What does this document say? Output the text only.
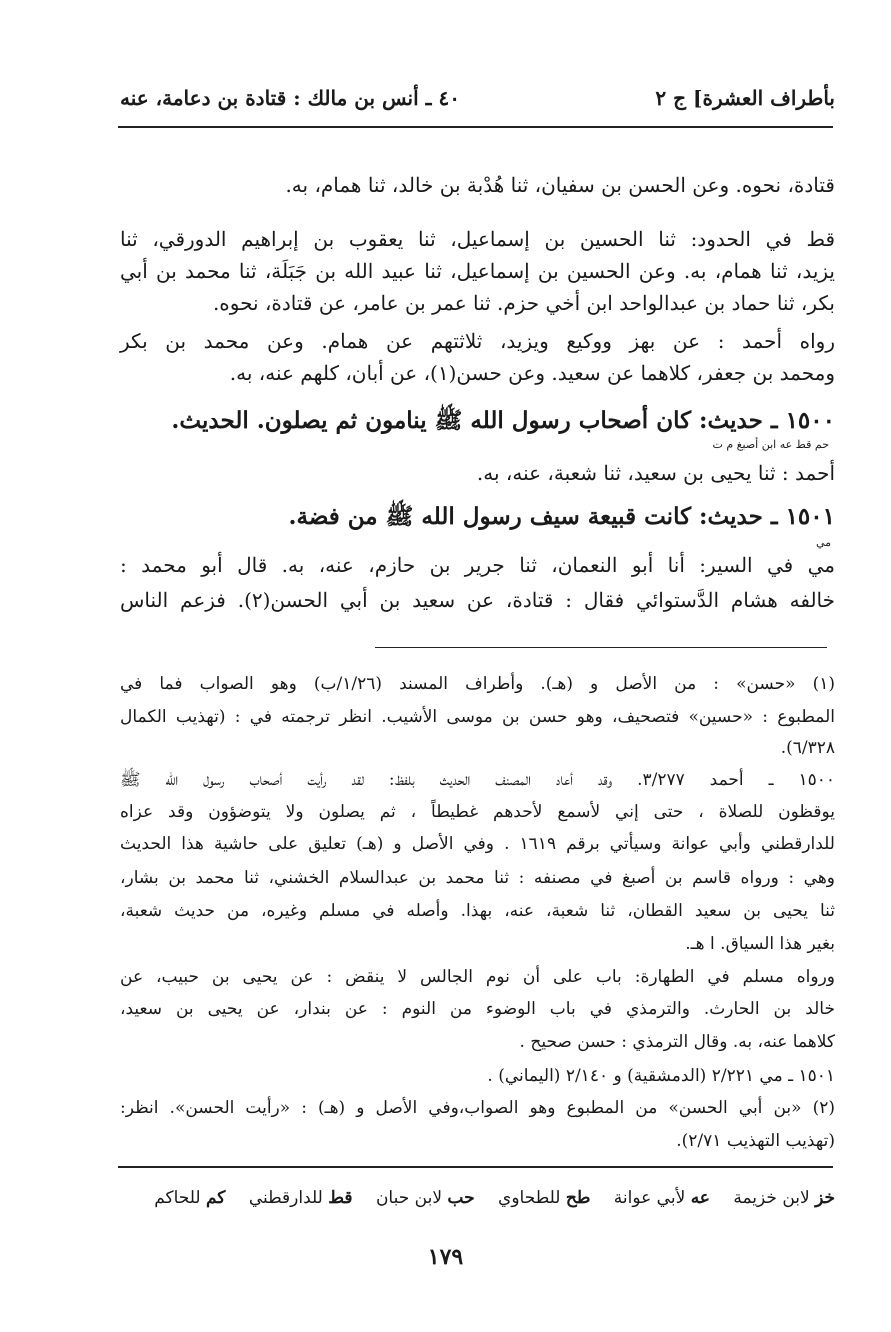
بأطراف العشرة] ج ٢
٤٠ ـ أنس بن مالك : قتادة بن دعامة، عنه
قتادة، نحوه. وعن الحسن بن سفيان، ثنا هُدْبة بن خالد، ثنا همام، به.
قط في الحدود: ثنا الحسين بن إسماعيل، ثنا يعقوب بن إبراهيم الدورقي، ثنا
يزيد، ثنا همام، به. وعن الحسين بن إسماعيل، ثنا عبيد الله بن جَبَلَة، ثنا محمد بن أبي
بكر، ثنا حماد بن عبدالواحد ابن أخي حزم. ثنا عمر بن عامر، عن قتادة، نحوه.
رواه أحمد : عن بهز ووكيع ويزيد، ثلاثتهم عن همام. وعن محمد بن بكر
ومحمد بن جعفر، كلاهما عن سعيد. وعن حسن(١)، عن أبان، كلهم عنه، به.
١٥٠٠ ـ حديث: كان أصحاب رسول الله ﷺ ينامون ثم يصلون. الحديث.
حم قط عه ابن أصبغ م ت
أحمد : ثنا يحيى بن سعيد، ثنا شعبة، عنه، به.
١٥٠١ ـ حديث: كانت قبيعة سيف رسول الله ﷺ من فضة.
مي
مي في السير: أنا أبو النعمان، ثنا جرير بن حازم، عنه، به. قال أبو محمد :
خالفه هشام الدَّستوائي فقال : قتادة، عن سعيد بن أبي الحسن(٢). فزعم الناس
(١) «حسن» : من الأصل و (هـ). وأطراف المسند (١/٢٦/ب) وهو الصواب فما في
المطبوع : «حسين» فتصحيف، وهو حسن بن موسى الأشيب. انظر ترجمته في : (تهذيب الكمال
٦/٣٢٨).
١٥٠٠ ـ أحمد ٣/٢٧٧. وقد أعاد المصنف الحديث بلفظ: لقد رأيت أصحاب رسول الله ﷺ
يوقظون للصلاة ، حتى إني لأسمع لأحدهم غطيطاً ، ثم يصلون ولا يتوضؤون وقد عزاه
للدارقطني وأبي عوانة وسيأتي برقم ١٦١٩ . وفي الأصل و (هـ) تعليق على حاشية هذا الحديث
وهي : ورواه قاسم بن أصبغ في مصنفه : ثنا محمد بن عبدالسلام الخشني، ثنا محمد بن بشار،
ثنا يحيى بن سعيد القطان، ثنا شعبة، عنه، بهذا. وأصله في مسلم وغيره، من حديث شعبة،
بغير هذا السياق. ا هـ.
ورواه مسلم في الطهارة: باب على أن نوم الجالس لا ينقض : عن يحيى بن حبيب، عن
خالد بن الحارث. والترمذي في باب الوضوء من النوم : عن بندار، عن يحيى بن سعيد،
كلاهما عنه، به. وقال الترمذي : حسن صحيح .
١٥٠١ ـ مي ٢/٢٢١ (الدمشقية) و ٢/١٤٠ (اليماني) .
(٢) «بن أبي الحسن» من المطبوع وهو الصواب،وفي الأصل و (هـ) : «رأيت الحسن». انظر:
(تهذيب التهذيب ٢/٧١).
خز لابن خزيمة عه لأبي عوانة طح للطحاوي حب لابن حبان قط للدارقطني كم للحاكم
١٧٩
